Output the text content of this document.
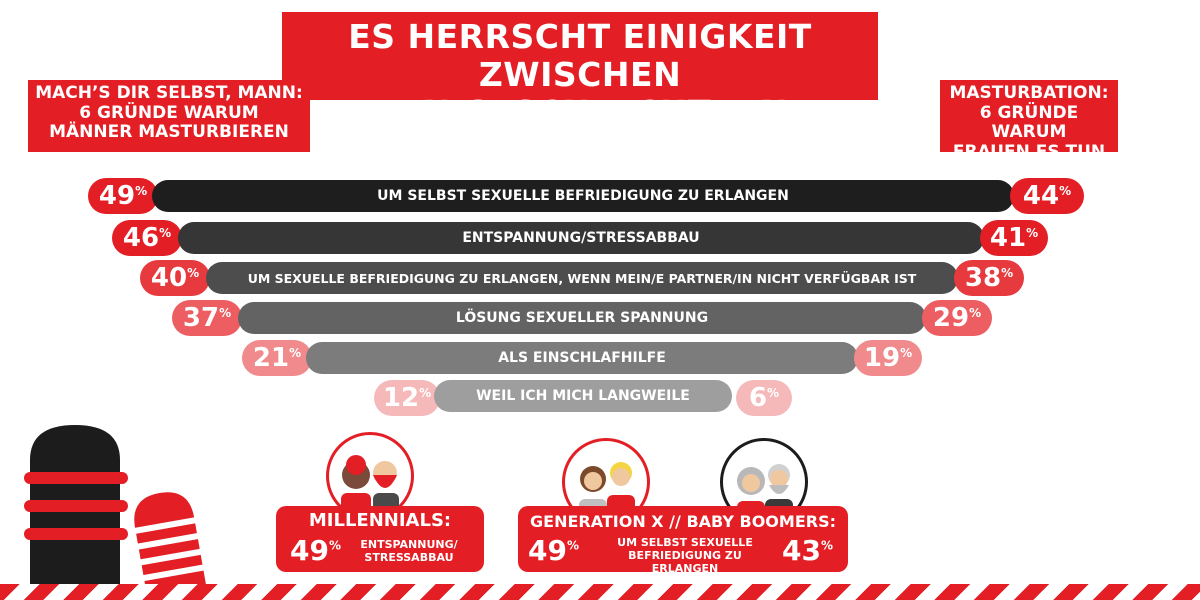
ES HERRSCHT EINIGKEIT ZWISCHEN
DEN GESCHLECHTERN
MACH’S DIR SELBST, MANN:
6 GRÜNDE WARUM
MÄNNER MASTURBIEREN
MASTURBATION:
6 GRÜNDE WARUM
FRAUEN ES TUN
49 %	UM SELBST SEXUELLE BEFRIEDIGUNG ZU ERLANGEN	44 %
46 %	ENTSPANNUNG/STRESSABBAU	41 %
40 %	UM SEXUELLE BEFRIEDIGUNG ZU ERLANGEN, WENN MEIN/E PARTNER/IN NICHT VERFÜGBAR IST 38 %
37 %	LÖSUNG SEXUELLER SPANNUNG	29 %
21 %	ALS EINSCHLAFHILFE	19 %
12 %	WEIL ICH MICH LANGWEILE 6 %
MILLENNIALS:
49%	ENTSPANNUNG/
STRESSABBAU
GENERATION X // BABY BOOMERS:
49%	UM SELBST SEXUELLE
BEFRIEDIGUNG ZU ERLANGEN
43%
